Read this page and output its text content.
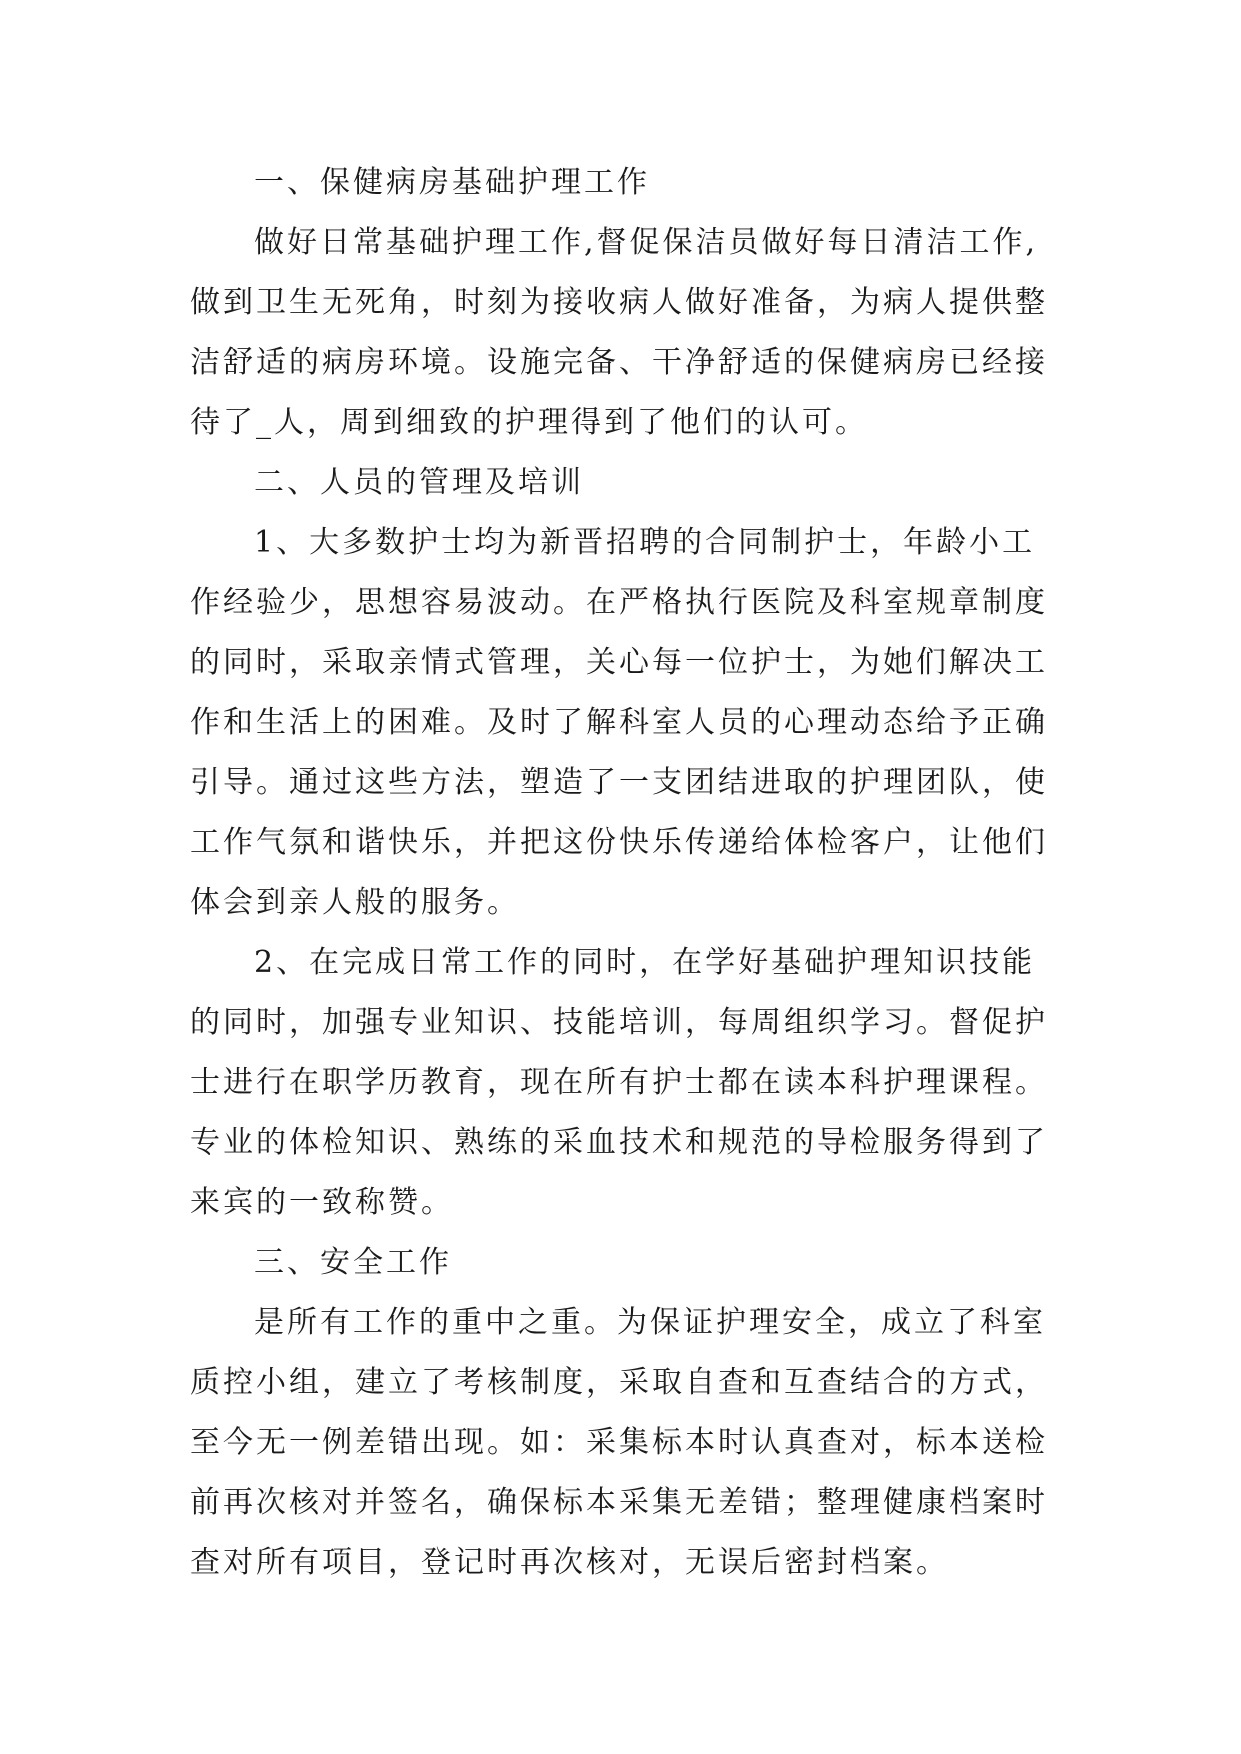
一、保健病房基础护理工作
做好日常基础护理工作,督促保洁员做好每日清洁工作,
做到卫生无死角，时刻为接收病人做好准备，为病人提供整
洁舒适的病房环境。设施完备、干净舒适的保健病房已经接
待了_人，周到细致的护理得到了他们的认可。
二、人员的管理及培训
1、大多数护士均为新晋招聘的合同制护士，年龄小工
作经验少，思想容易波动。在严格执行医院及科室规章制度
的同时，采取亲情式管理，关心每一位护士，为她们解决工
作和生活上的困难。及时了解科室人员的心理动态给予正确
引导。通过这些方法，塑造了一支团结进取的护理团队，使
工作气氛和谐快乐，并把这份快乐传递给体检客户，让他们
体会到亲人般的服务。
2、在完成日常工作的同时，在学好基础护理知识技能
的同时，加强专业知识、技能培训，每周组织学习。督促护
士进行在职学历教育，现在所有护士都在读本科护理课程。
专业的体检知识、熟练的采血技术和规范的导检服务得到了
来宾的一致称赞。
三、安全工作
是所有工作的重中之重。为保证护理安全，成立了科室
质控小组，建立了考核制度，采取自查和互查结合的方式，
至今无一例差错出现。如：采集标本时认真查对，标本送检
前再次核对并签名，确保标本采集无差错；整理健康档案时
查对所有项目，登记时再次核对，无误后密封档案。
